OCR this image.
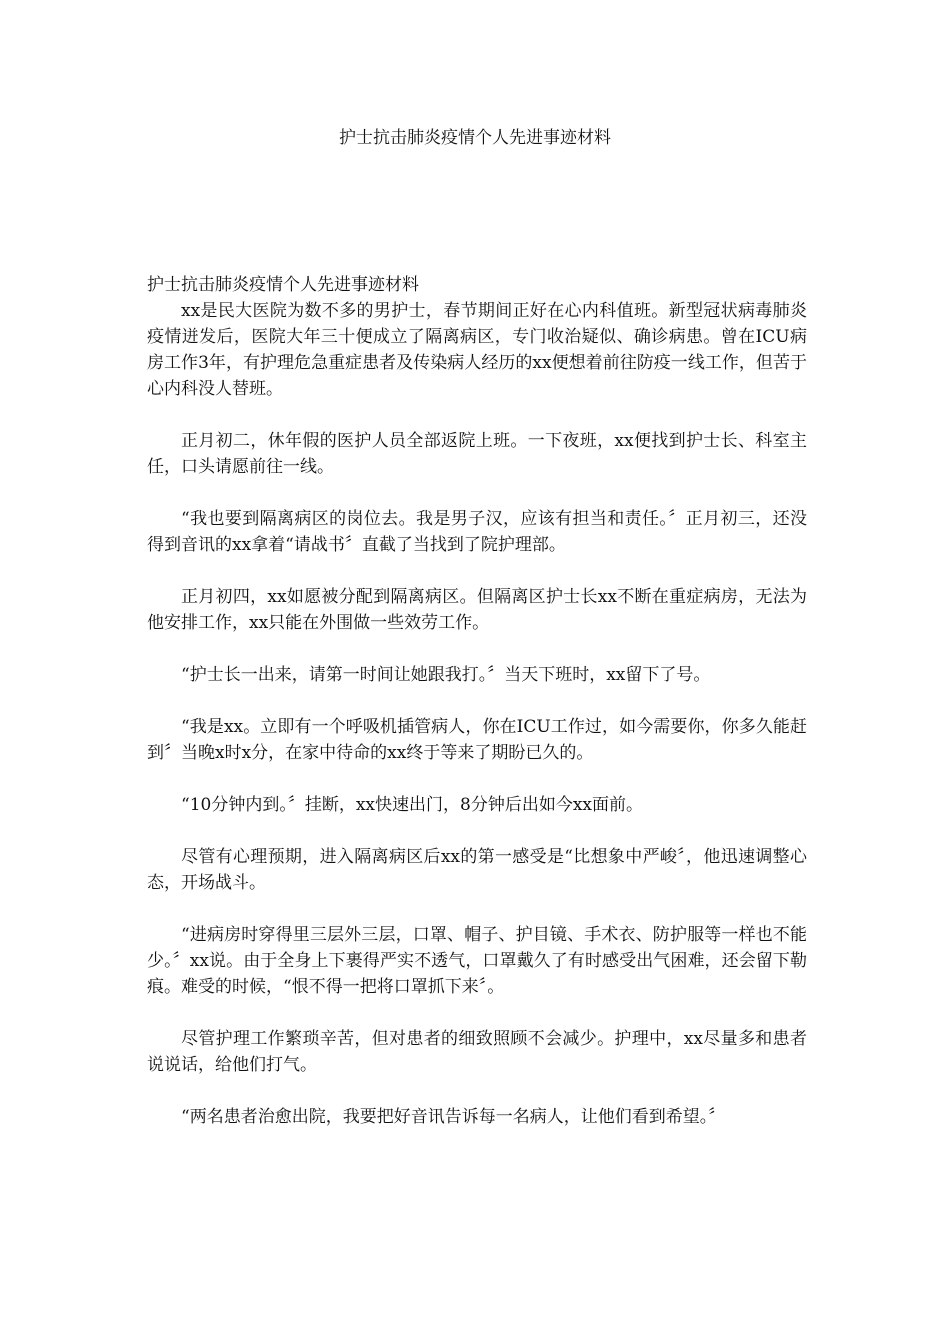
护士抗击肺炎疫情个人先进事迹材料

护士抗击肺炎疫情个人先进事迹材料

xx是民大医院为数不多的男护士，春节期间正好在心内科值班。新型冠状病毒肺炎疫情迸发后，医院大年三十便成立了隔离病区，专门收治疑似、确诊病患。曾在ICU病房工作3年，有护理危急重症患者及传染病人经历的xx便想着前往防疫一线工作，但苦于心内科没人替班。

正月初二，休年假的医护人员全部返院上班。一下夜班，xx便找到护士长、科室主任，口头请愿前往一线。

“我也要到隔离病区的岗位去。我是男子汉，应该有担当和责任。〞正月初三，还没得到音讯的xx拿着“请战书〞直截了当找到了院护理部。

正月初四，xx如愿被分配到隔离病区。但隔离区护士长xx不断在重症病房，无法为他安排工作，xx只能在外围做一些效劳工作。

“护士长一出来，请第一时间让她跟我打。〞当天下班时，xx留下了号。

“我是xx。立即有一个呼吸机插管病人，你在ICU工作过，如今需要你，你多久能赶到〞当晚x时x分，在家中待命的xx终于等来了期盼已久的。

“10分钟内到。〞挂断，xx快速出门，8分钟后出如今xx面前。

尽管有心理预期，进入隔离病区后xx的第一感受是“比想象中严峻〞，他迅速调整心态，开场战斗。

“进病房时穿得里三层外三层，口罩、帽子、护目镜、手术衣、防护服等一样也不能少。〞xx说。由于全身上下裹得严实不透气，口罩戴久了有时感受出气困难，还会留下勒痕。难受的时候，“恨不得一把将口罩抓下来〞。

尽管护理工作繁琐辛苦，但对患者的细致照顾不会减少。护理中，xx尽量多和患者说说话，给他们打气。

“两名患者治愈出院，我要把好音讯告诉每一名病人，让他们看到希望。〞
